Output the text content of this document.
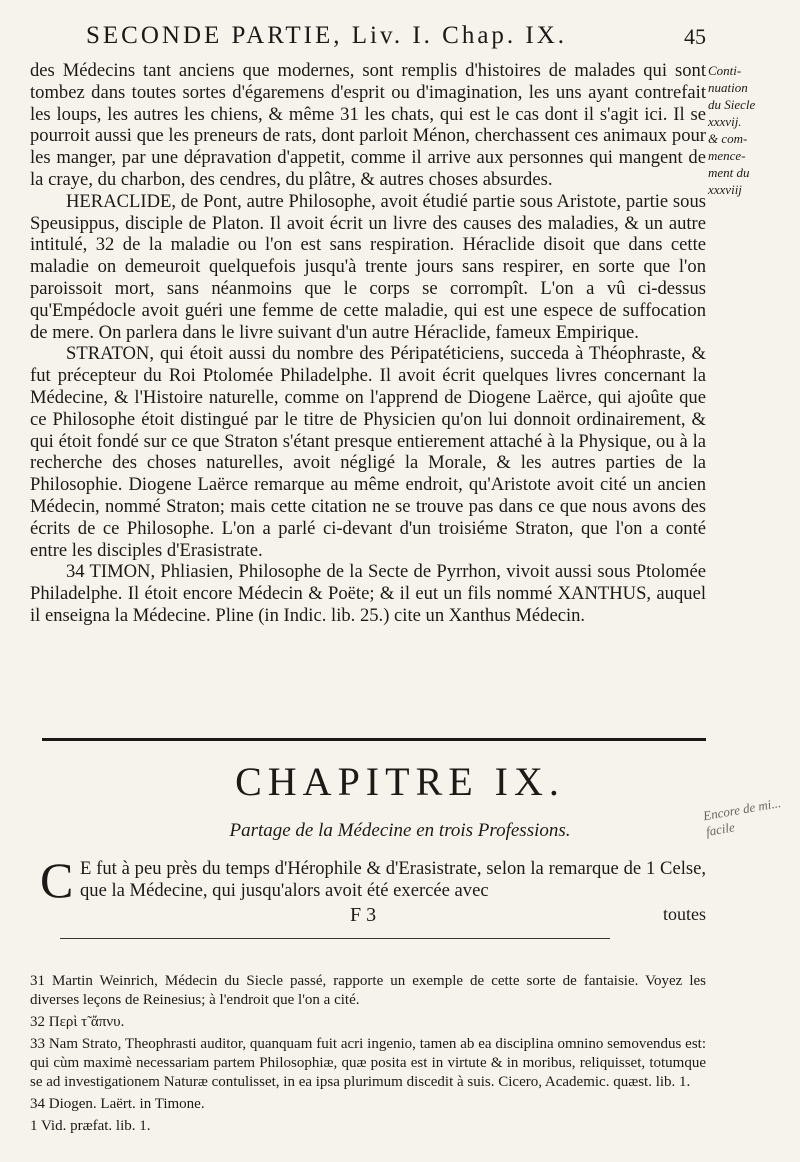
SECONDE PARTIE, Liv. I. Chap. IX.	45
Conti-
nuation
du Siecle
xxxvij.
& com-
mence-
ment du
xxxviij

des Médecins tant anciens que modernes, sont remplis d'histoires de malades qui sont tombez dans toutes sortes d'égaremens d'esprit ou d'imagination, les uns ayant contrefait les loups, les autres les chiens, & même 31 les chats, qui est le cas dont il s'agit ici. Il se pourroit aussi que les preneurs de rats, dont parloit Ménon, cherchassent ces animaux pour les manger, par une dépravation d'appetit, comme il arrive aux personnes qui mangent de la craye, du charbon, des cendres, du plâtre, & autres choses absurdes.

HERACLIDE, de Pont, autre Philosophe, avoit étudié partie sous Aristote, partie sous Speusippus, disciple de Platon. Il avoit écrit un livre des causes des maladies, & un autre intitulé, 32 de la maladie ou l'on est sans respiration. Héraclide disoit que dans cette maladie on demeuroit quelquefois jusqu'à trente jours sans respirer, en sorte que l'on paroissoit mort, sans néanmoins que le corps se corrompît. L'on a vû ci-dessus qu'Empédocle avoit guéri une femme de cette maladie, qui est une espece de suffocation de mere. On parlera dans le livre suivant d'un autre Héraclide, fameux Empirique.

STRATON, qui étoit aussi du nombre des Péripatéticiens, succeda à Théophraste, & fut précepteur du Roi Ptolomée Philadelphe. Il avoit écrit quelques livres concernant la Médecine, & l'Histoire naturelle, comme on l'apprend de Diogene Laërce, qui ajoûte que ce Philosophe étoit distingué par le titre de Physicien qu'on lui donnoit ordinairement, & qui étoit fondé sur ce que Straton s'étant presque entierement attaché à la Physique, ou à la recherche des choses naturelles, avoit négligé la Morale, & les autres parties de la Philosophie. Diogene Laërce remarque au même endroit, qu'Aristote avoit cité un ancien Médecin, nommé Straton; mais cette citation ne se trouve pas dans ce que nous avons des écrits de ce Philosophe. L'on a parlé ci-devant d'un troisiéme Straton, que l'on a conté entre les disciples d'Erasistrate.

34 TIMON, Phliasien, Philosophe de la Secte de Pyrrhon, vivoit aussi sous Ptolomée Philadelphe. Il étoit encore Médecin & Poëte; & il eut un fils nommé XANTHUS, auquel il enseigna la Médecine. Pline (in Indic. lib. 25.) cite un Xanthus Médecin.

CHAPITRE IX.
Partage de la Médecine en trois Professions.
Encore de mi... facile
C E fut à peu près du temps d'Hérophile & d'Erasistrate, selon la remarque de 1 Celse, que la Médecine, qui jusqu'alors avoit été exercée avec

F 3	toutes

31 Martin Weinrich, Médecin du Siecle passé, rapporte un exemple de cette sorte de fantaisie. Voyez les diverses leçons de Reinesius; à l'endroit que l'on a cité.

32 Περὶ τ̃ ἄπνυ.

33 Nam Strato, Theophrasti auditor, quanquam fuit acri ingenio, tamen ab ea disciplina omnino semovendus est: qui cùm maximè necessariam partem Philosophiæ, quæ posita est in virtute & in moribus, reliquisset, totumque se ad investigationem Naturæ contulisset, in ea ipsa plurimum discedit à suis. Cicero, Academic. quæst. lib. 1.

34 Diogen. Laërt. in Timone.

1 Vid. præfat. lib. 1.
